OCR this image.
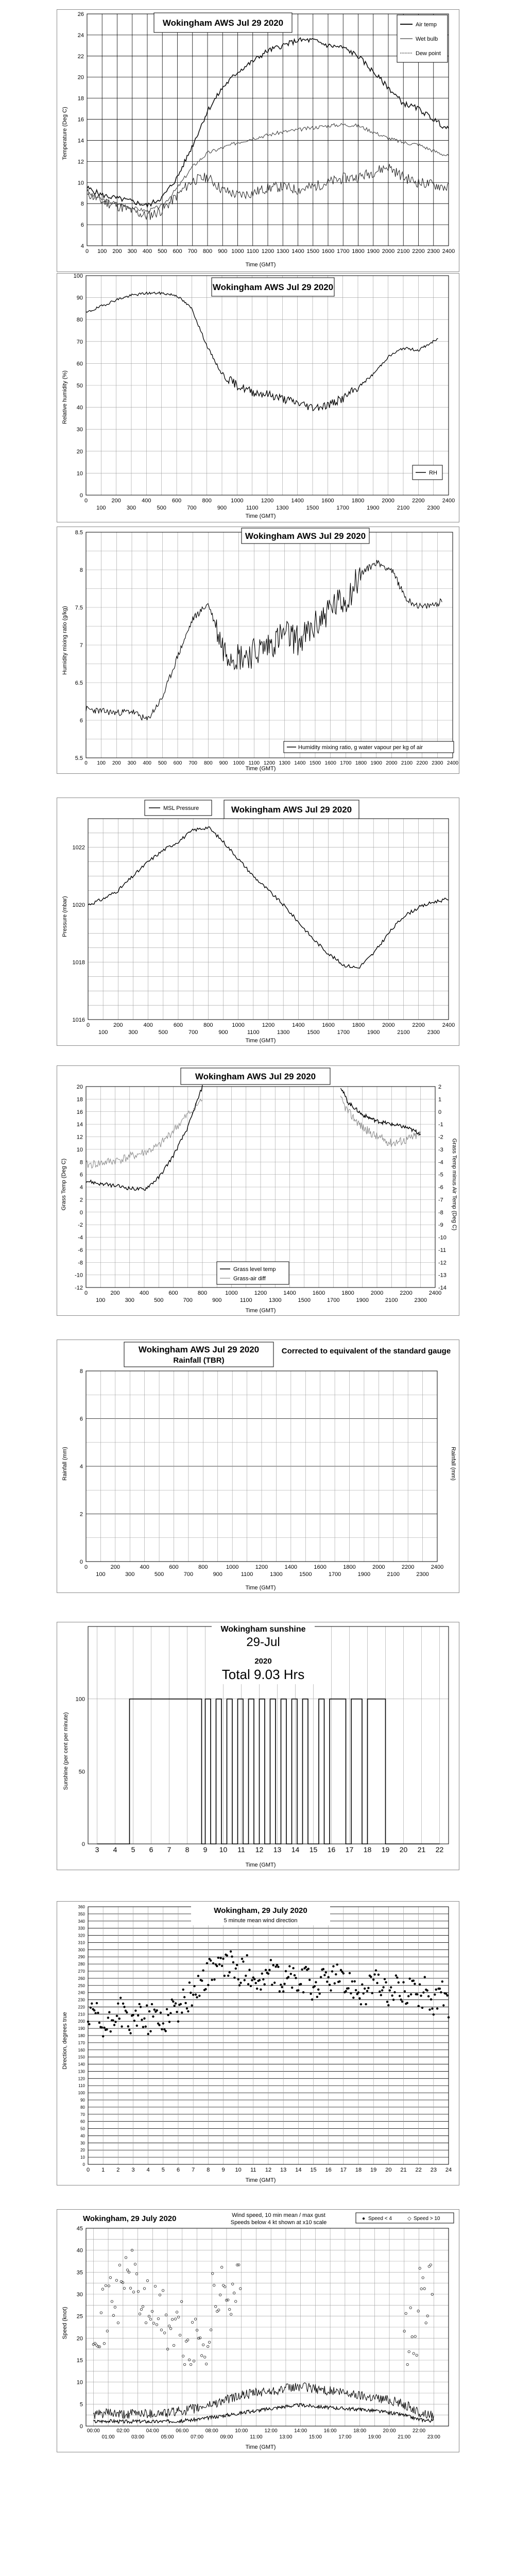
0 100 200 300 400 500 600 700 800 900 1000 1100 1200 1300 1400 1500 1600 1700 1800 1900 2000 2100 2200 2300 2400
4
6
8
10
12
14
16
18
20
22
24
26
Wokingham AWS Jul 29 2020	Air temp
Wet bulb
Dew point
Temperature (Deg C)
Time (GMT)
0	200	400	600	800	1000	1200	1400	1600	1800	2000	2200	2400
100	300	500	700	900	1100	1300	1500	1700	1900	2100	2300
0
10
20
30
40
50
60
70
80
90
100
Wokingham AWS Jul 29 2020
RH
Relative humidity (%)
Time (GMT)
0 100 200 300 400 500 600 700 800 900 1000 1100 1200 1300 1400 1500 1600 1700 1800 1900 2000 2100 2200 2300 2400
5.5
6
6.5
7
7.5
8
8.5	Wokingham AWS Jul 29 2020
Humidity mixing ratio, g water vapour per kg of air
Humidity mixing ratio (g/kg)
Time (GMT)
0	200	400	600	800	1000	1200	1400	1600	1800	2000	2200	2400
100	300	500	700	900	1100	1300	1500	1700	1900	2100	2300
1016
1018
1020
1022
MSL Pressure	Wokingham AWS Jul 29 2020
Pressure (mbar)
Time (GMT)
0	200	400	600	800	1000	1200	1400	1600	1800	2000	2200	2400
100	300	500	700	900	1100	1300	1500	1700	1900	2100	2300
-12
-10
-8
-6
-4
-2
0
2
4
6
8
10
12
14
16
18
20
-14
-13
-12
-11
-10
-9
-8
-7
-6
-5
-4
-3
-2
-1
0
1
2
Wokingham AWS Jul 29 2020
Grass level temp
Grass-air diff
Grass Temp (Deg C)	Grass Temp minus Air Temp (Deg C)
Time (GMT)
0	200	400	600	800	1000	1200	1400	1600	1800	2000	2200	2400
100	300	500	700	900	1100	1300	1500	1700	1900	2100	2300
0
2
4
6
8
Wokingham AWS Jul 29 2020
Rainfall (TBR)
Corrected to equivalent of the standard gauge
Rainfall (mm)	Rainfall (mm)
Time (GMT)
3 4 5 6 7 8 9 10 11 12 13 14 15 16 17 18 19 20 21 22
0
50
100
Wokingham sunshine
29-Jul
2020
Total 9.03 Hrs
Sunshine (per cent per minute)
Time (GMT)
0
10
20
30
40
50
60
70
80
90
100
110
120
130
140
150
160
170
180
190
200
210
220
230
240
250
260
270
280
290
300
310
320
330
340
350
360
0 1 2 3 4 5 6 7 8 9 10 11 12 13 14 15 16 17 18 19 20 21 22 23 24
Wokingham, 29 July 2020
5 minute mean wind direction
Direction, degrees true
Time (GMT)
00:00	02:00	04:00	06:00	08:00	10:00	12:00	14:00	16:00	18:00	20:00	22:00
01:00	03:00	05:00	07:00	09:00	11:00	13:00	15:00	17:00	19:00	21:00	23:00
0
5
10
15
20
25
30
35
40
45
Wokingham, 29 July 2020	Wind speed, 10 min mean / max gust
Speeds below 4 kt shown at x10 scale
● Speed < 4	◇ Speed > 10
Speed (knot)
Time (GMT)
